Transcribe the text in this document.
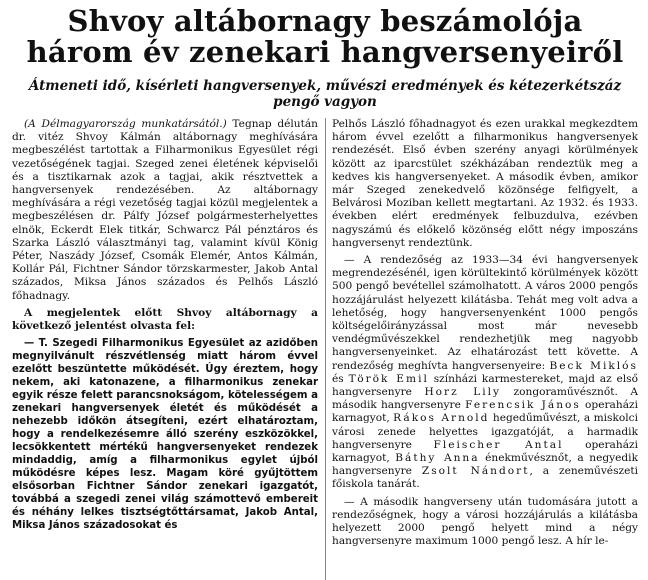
Shvoy altábornagy beszámolója
három év zenekari hangversenyeiről
Átmeneti idő, kísérleti hangversenyek, művészi eredmények és kétezerkétszáz pengő vagyon

(A Délmagyarország munkatársától.) Tegnap délután dr. vitéz Shvoy Kálmán altábornagy meghívására megbeszélést tartottak a Filharmonikus Egyesület régi vezetőségének tagjai. Szeged zenei életének képviselői és a tisztikarnak azok a tagjai, akik résztvettek a hangversenyek rendezésében. Az altábornagy meghívására a régi vezetőség tagjai közül megjelentek a megbeszélésen dr. Pálfy József polgármesterhelyettes elnök, Eckerdt Elek titkár, Schwarcz Pál pénztáros és Szarka László választmányi tag, valamint kívül König Péter, Naszády József, Csomák Elemér, Antos Kálmán, Kollár Pál, Fichtner Sándor törzskarmester, Jakob Antal százados, Miksa János százados és Pelhős László főhadnagy.

A megjelentek előtt Shvoy altábornagy a következő jelentést olvasta fel:

— T. Szegedi Filharmonikus Egyesület az azidőben megnyilvánult részvétlenség miatt három évvel ezelőtt beszüntette működését. Úgy éreztem, hogy nekem, aki katonazene, a filharmonikus zenekar egyik része felett parancsnokságom, kötelességem a zenekari hangversenyek életét és működését a nehezebb időkön átsegíteni, ezért elhatároztam, hogy a rendelkezésemre álló szerény eszközökkel, lecsökkentett mértékű hangversenyeket rendezek mindaddig, amíg a filharmonikus egylet újból működésre képes lesz. Magam köré gyűjtöttem elsősorban Fichtner Sándor zenekari igazgatót, továbbá a szegedi zenei világ számottevő embereit és néhány lelkes tisztségtőttársamat, Jakob Antal, Miksa János századosokat és

Pelhős László főhadnagyot és ezen urakkal megkezdtem három évvel ezelőtt a filharmonikus hangversenyek rendezését. Első évben szerény anyagi körülmények között az iparcstület székházában rendeztük meg a kedves kis hangversenyeket. A második évben, amikor már Szeged zenekedvelő közönsége felfigyelt, a Belvárosi Moziban kellett megtartani. Az 1932. és 1933. években elért eredmények felbuzdulva, ezévben nagyszámú és előkelő közönség előtt négy imposzáns hangversenyt rendeztünk.

— A rendezőség az 1933—34 évi hangversenyek megrendezésénél, igen körültekintő körülmények között 500 pengő bevétellel számolhatott. A város 2000 pengős hozzájárulást helyezett kilátásba. Tehát meg volt adva a lehetőség, hogy hangversenyenként 1000 pengős költségelőirányzással most már nevesebb vendégművészekkel rendezhetjük meg nagyobb hangversenyeinket. Az elhatározást tett követte. A rendezőség meghívta hangversenyeire: Beck Miklós és Török Emil színházi karmestereket, majd az első hangversenyre Horz Lily zongoraművésznőt. A második hangversenyre Ferencsik János operaházi karnagyot, Rákos Arnold hegedűművészt, a miskolci városi zenede helyettes igazgatóját, a harmadik hangversenyre Fleischer Antal operaházi karnagyot, Báthy Anna énekművésznőt, a negyedik hangversenyre Zsolt Nándort, a zeneművészeti főiskola tanárát.

— A második hangverseny után tudomására jutott a rendezőségnek, hogy a városi hozzájárulás a kilátásba helyezett 2000 pengő helyett mind a négy hangversenyre maximum 1000 pengő lesz. A hír le-
